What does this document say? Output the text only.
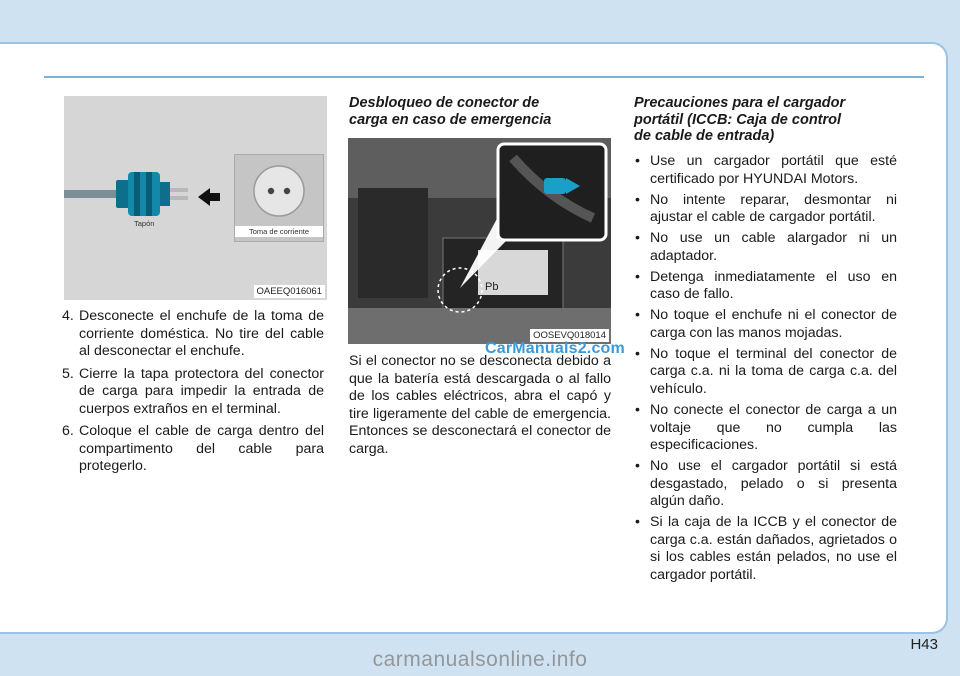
Tapón
Toma de corriente
OAEEQ016061
4. Desconecte el enchufe de la toma de corriente doméstica. No tire del cable al desconectar el enchufe.
5. Cierre la tapa protectora del conector de carga para impedir la entrada de cuerpos extraños en el terminal.
6. Coloque el cable de carga dentro del compartimento del cable para protegerlo.
Desbloqueo de conector de
carga en caso de emergencia
Pb
OOSEVQ018014
CarManuals2.com

Si el conector no se desconecta debido a que la batería está descargada o al fallo de los cables eléctricos, abra el capó y tire ligeramente del cable de emergencia. Entonces se desconectará el conector de carga.

Precauciones para el cargador
portátil (ICCB: Caja de control
de cable de entrada)
• Use un cargador portátil que esté certificado por HYUNDAI Motors.
• No intente reparar, desmontar ni ajustar el cable de cargador portátil.
• No use un cable alargador ni un adaptador.
• Detenga inmediatamente el uso en caso de fallo.
• No toque el enchufe ni el conector de carga con las manos mojadas.
• No toque el terminal del conector de carga c.a. ni la toma de carga c.a. del vehículo.
• No conecte el conector de carga a un voltaje que no cumpla las especificaciones.
• No use el cargador portátil si está desgastado, pelado o si presenta algún daño.
• Si la caja de la ICCB y el conector de carga c.a. están dañados, agrietados o si los cables están pelados, no use el cargador portátil.
H43
carmanualsonline.info
